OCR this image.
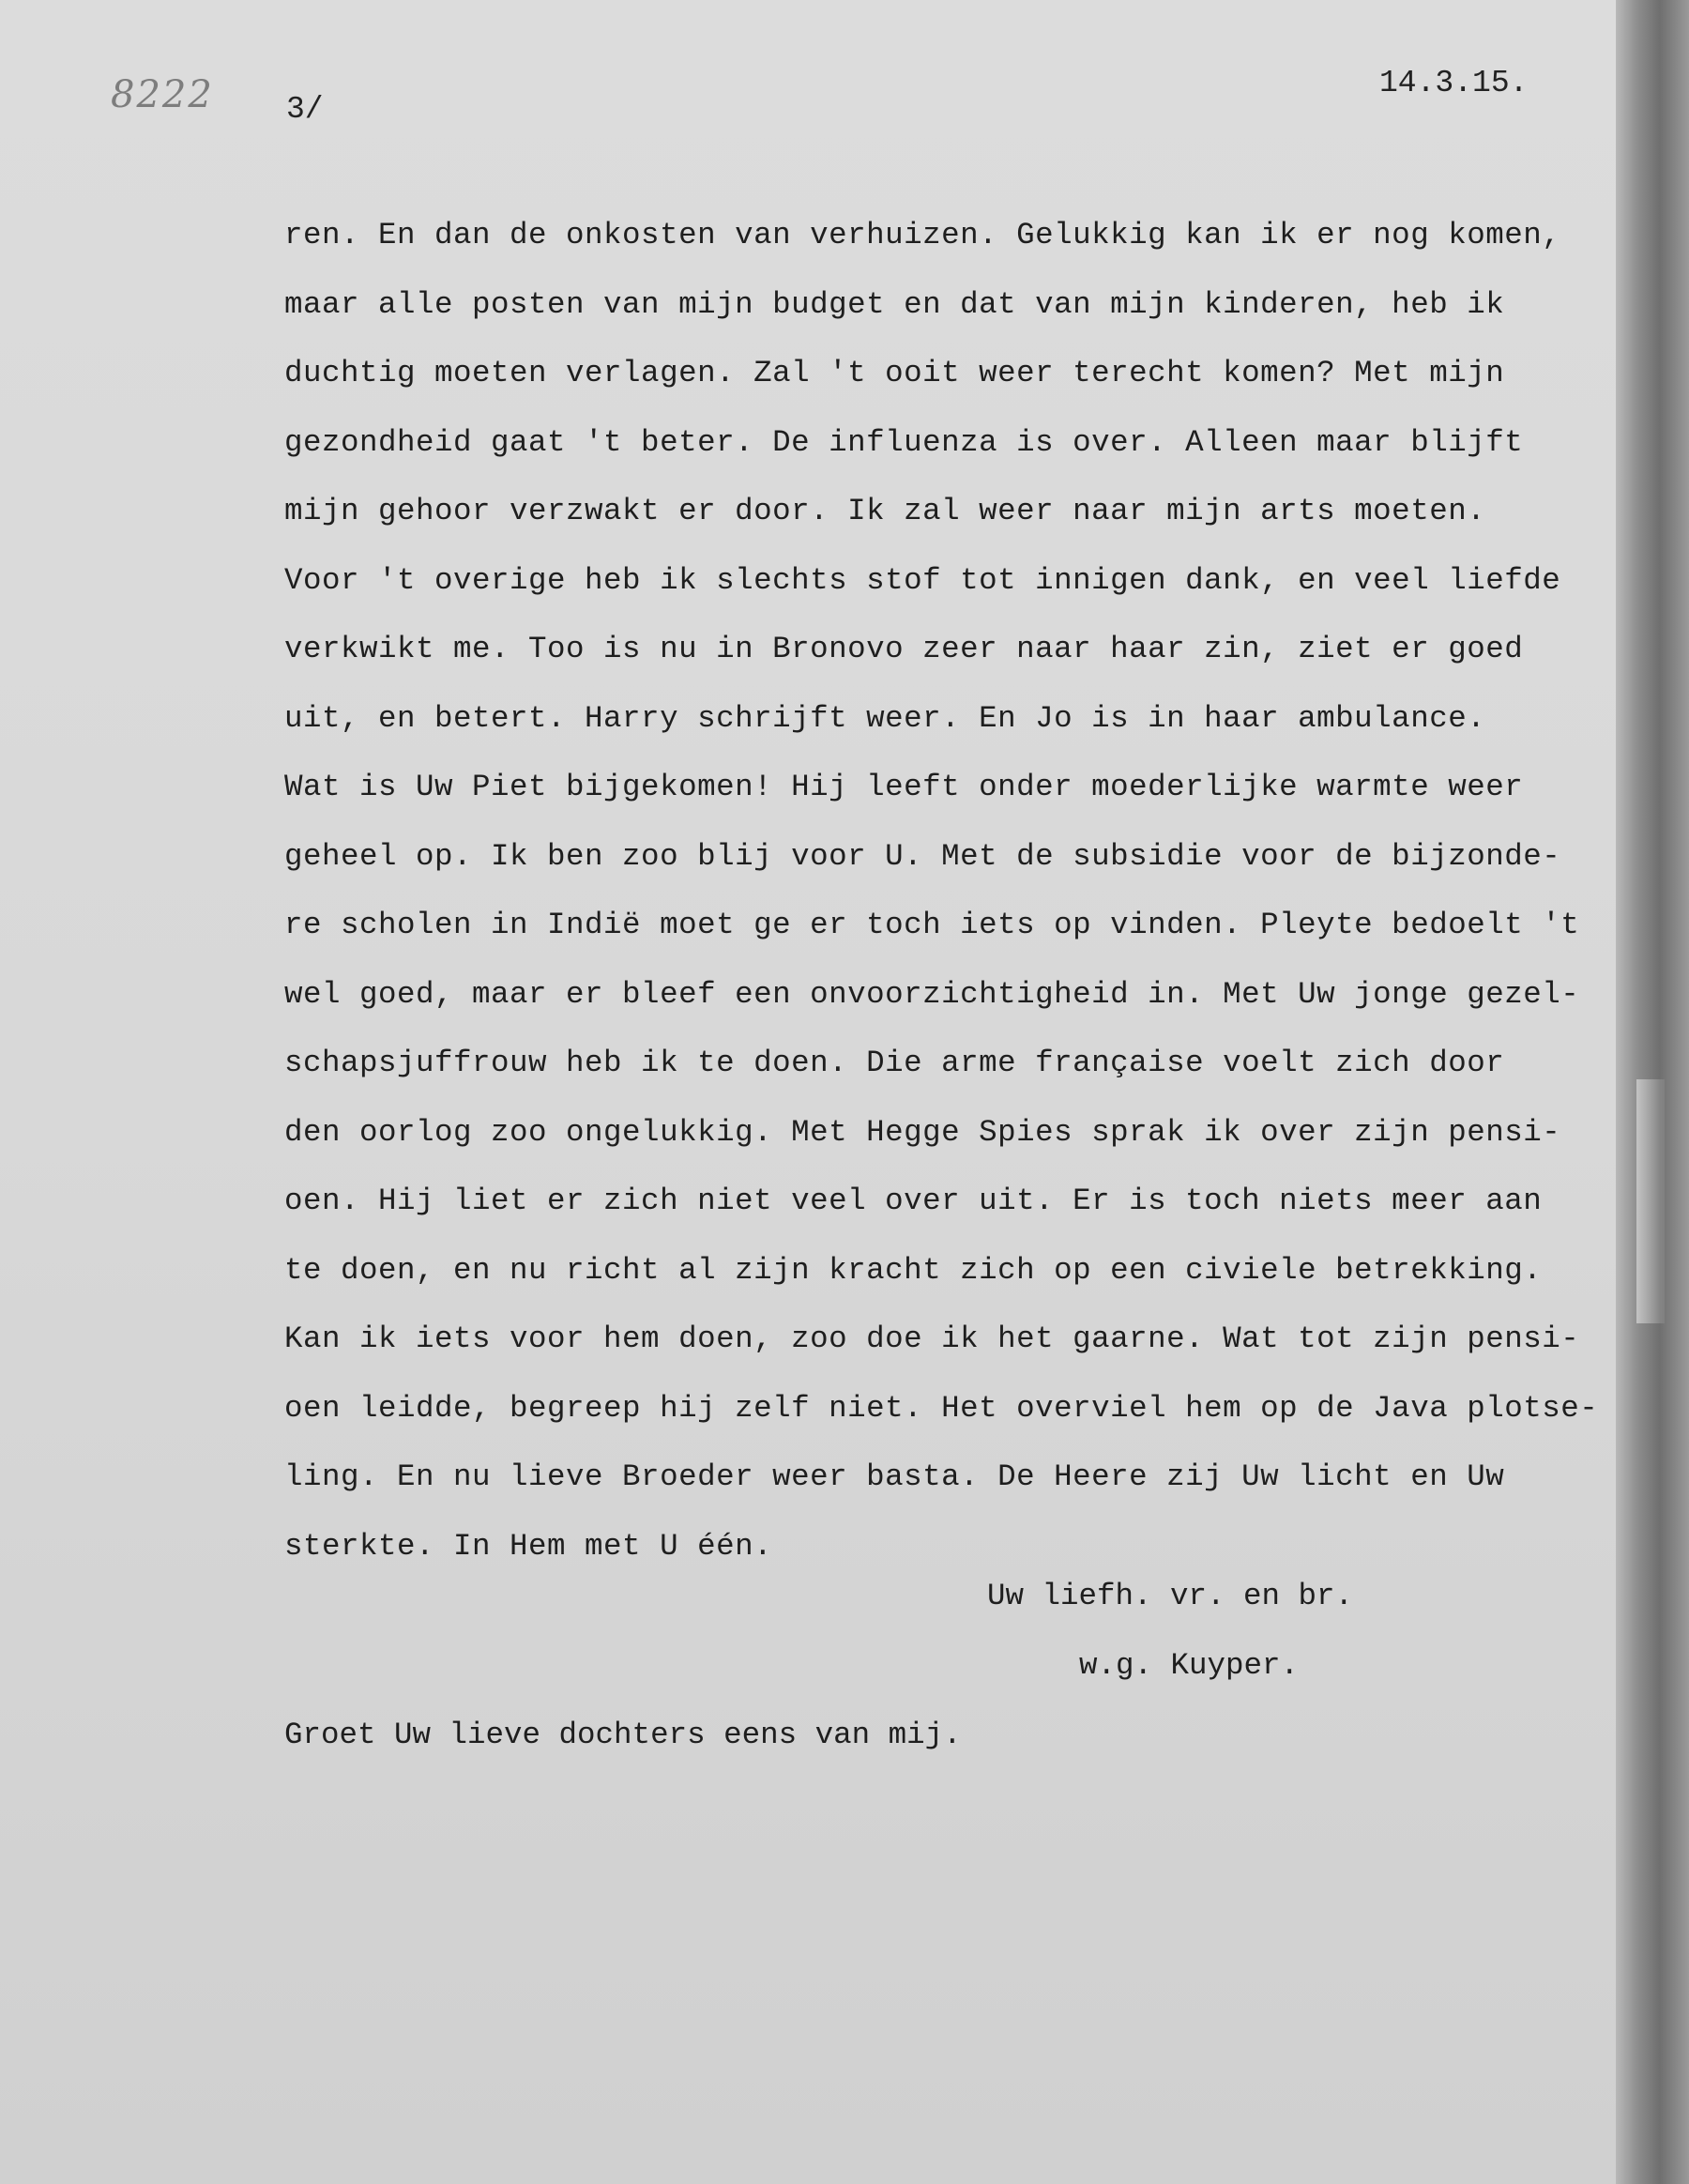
8222 3/
14.3.15.
ren. En dan de onkosten van verhuizen. Gelukkig kan ik er nog komen,
maar alle posten van mijn budget en dat van mijn kinderen, heb ik
duchtig moeten verlagen. Zal 't ooit weer terecht komen? Met mijn
gezondheid gaat 't beter. De influenza is over. Alleen maar blijft
mijn gehoor verzwakt er door. Ik zal weer naar mijn arts moeten.
Voor 't overige heb ik slechts stof tot innigen dank, en veel liefde
verkwikt me. Too is nu in Bronovo zeer naar haar zin, ziet er goed
uit, en betert. Harry schrijft weer. En Jo is in haar ambulance.
Wat is Uw Piet bijgekomen! Hij leeft onder moederlijke warmte weer
geheel op. Ik ben zoo blij voor U. Met de subsidie voor de bijzonde-
re scholen in Indië moet ge er toch iets op vinden. Pleyte bedoelt 't
wel goed, maar er bleef een onvoorzichtigheid in. Met Uw jonge gezel-
schapsjuffrouw heb ik te doen. Die arme française voelt zich door
den oorlog zoo ongelukkig. Met Hegge Spies sprak ik over zijn pensi-
oen. Hij liet er zich niet veel over uit. Er is toch niets meer aan
te doen, en nu richt al zijn kracht zich op een civiele betrekking.
Kan ik iets voor hem doen, zoo doe ik het gaarne. Wat tot zijn pensi-
oen leidde, begreep hij zelf niet. Het overviel hem op de Java plotse-
ling. En nu lieve Broeder weer basta. De Heere zij Uw licht en Uw
sterkte. In Hem met U één.
Uw liefh. vr. en br.
w.g. Kuyper.
Groet Uw lieve dochters eens van mij.
